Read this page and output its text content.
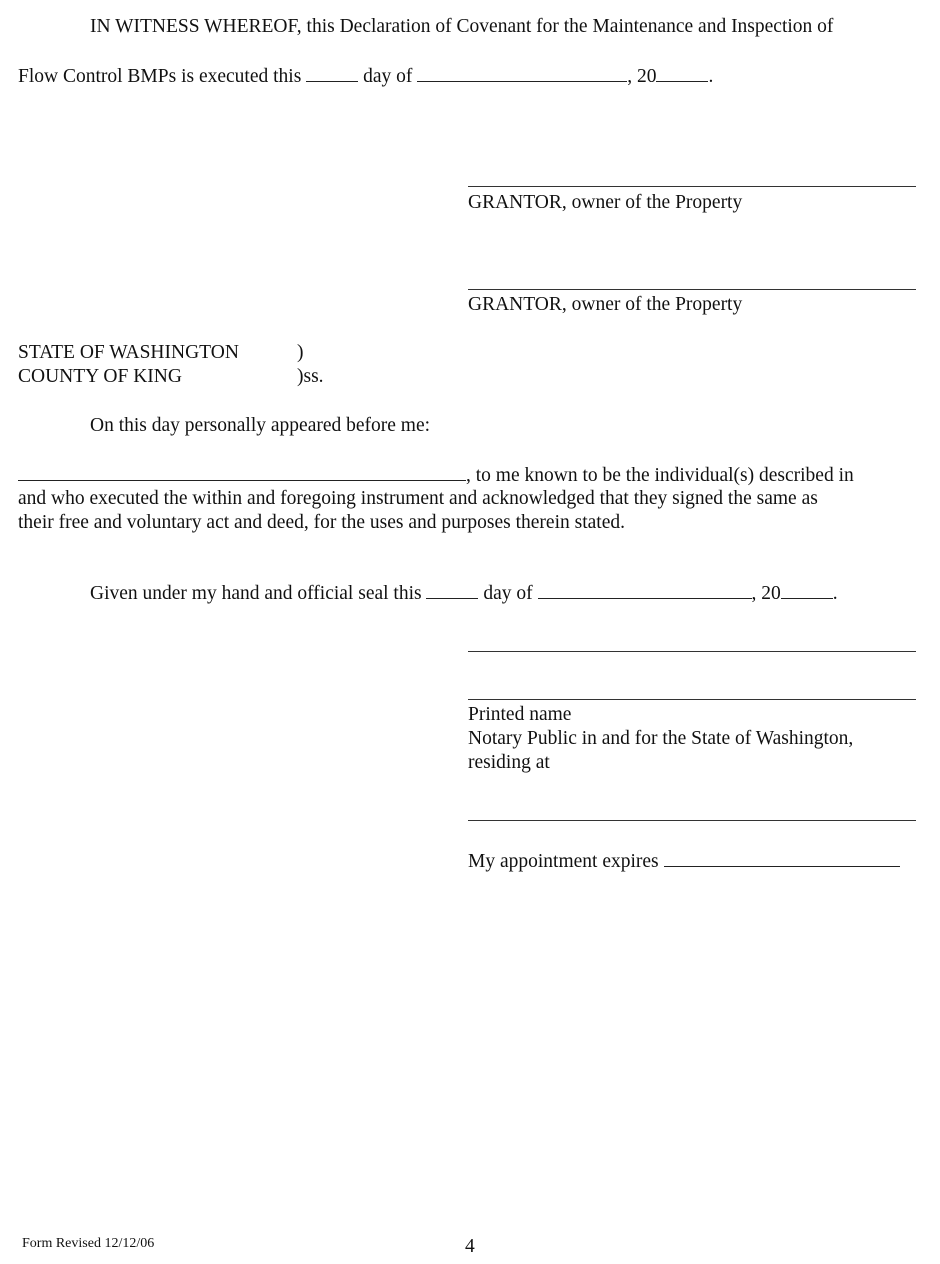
IN WITNESS WHEREOF, this Declaration of Covenant for the Maintenance and Inspection of
Flow Control BMPs is executed this	day of	, 20	.
GRANTOR, owner of the Property
GRANTOR, owner of the Property
STATE OF WASHINGTON	)
COUNTY OF KING	)ss.
On this day personally appeared before me:
, to me known to be the individual(s) described in
and who executed the within and foregoing instrument and acknowledged that they signed the same as
their free and voluntary act and deed, for the uses and purposes therein stated.
Given under my hand and official seal this	day of	, 20	.
Printed name
Notary Public in and for the State of Washington,
residing at
My appointment expires
Form Revised 12/12/06	4
